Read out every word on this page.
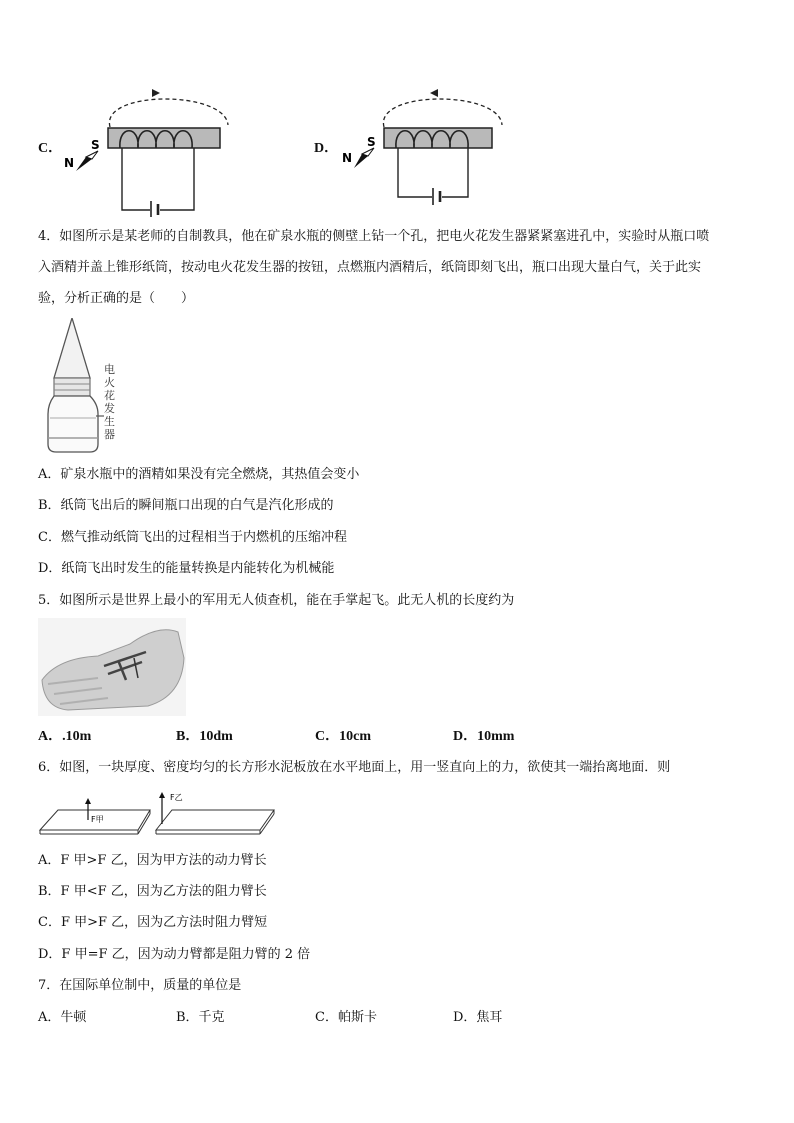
C． S
N
D． S
N
4．如图所示是某老师的自制教具，他在矿泉水瓶的侧壁上钻一个孔，把电火花发生器紧紧塞进孔中，实验时从瓶口喷
入酒精并盖上锥形纸筒，按动电火花发生器的按钮，点燃瓶内酒精后，纸筒即刻飞出，瓶口出现大量白气，关于此实
验，分析正确的是（　　）
电
火
花
发
生
器
A．矿泉水瓶中的酒精如果没有完全燃烧，其热值会变小
B．纸筒飞出后的瞬间瓶口出现的白气是汽化形成的
C．燃气推动纸筒飞出的过程相当于内燃机的压缩冲程
D．纸筒飞出时发生的能量转换是内能转化为机械能
5．如图所示是世界上最小的军用无人侦查机，能在手掌起飞。此无人机的长度约为
A．.10m	B．10dm	C．10cm	D．10mm
6．如图，一块厚度、密度均匀的长方形水泥板放在水平地面上，用一竖直向上的力，欲使其一端抬离地面．则
F甲
F乙
A．F 甲>F 乙，因为甲方法的动力臂长
B．F 甲<F 乙，因为乙方法的阻力臂长
C．F 甲>F 乙，因为乙方法时阻力臂短
D．F 甲=F 乙，因为动力臂都是阻力臂的 2 倍
7．在国际单位制中，质量的单位是
A．牛顿	B．千克	C．帕斯卡	D．焦耳
